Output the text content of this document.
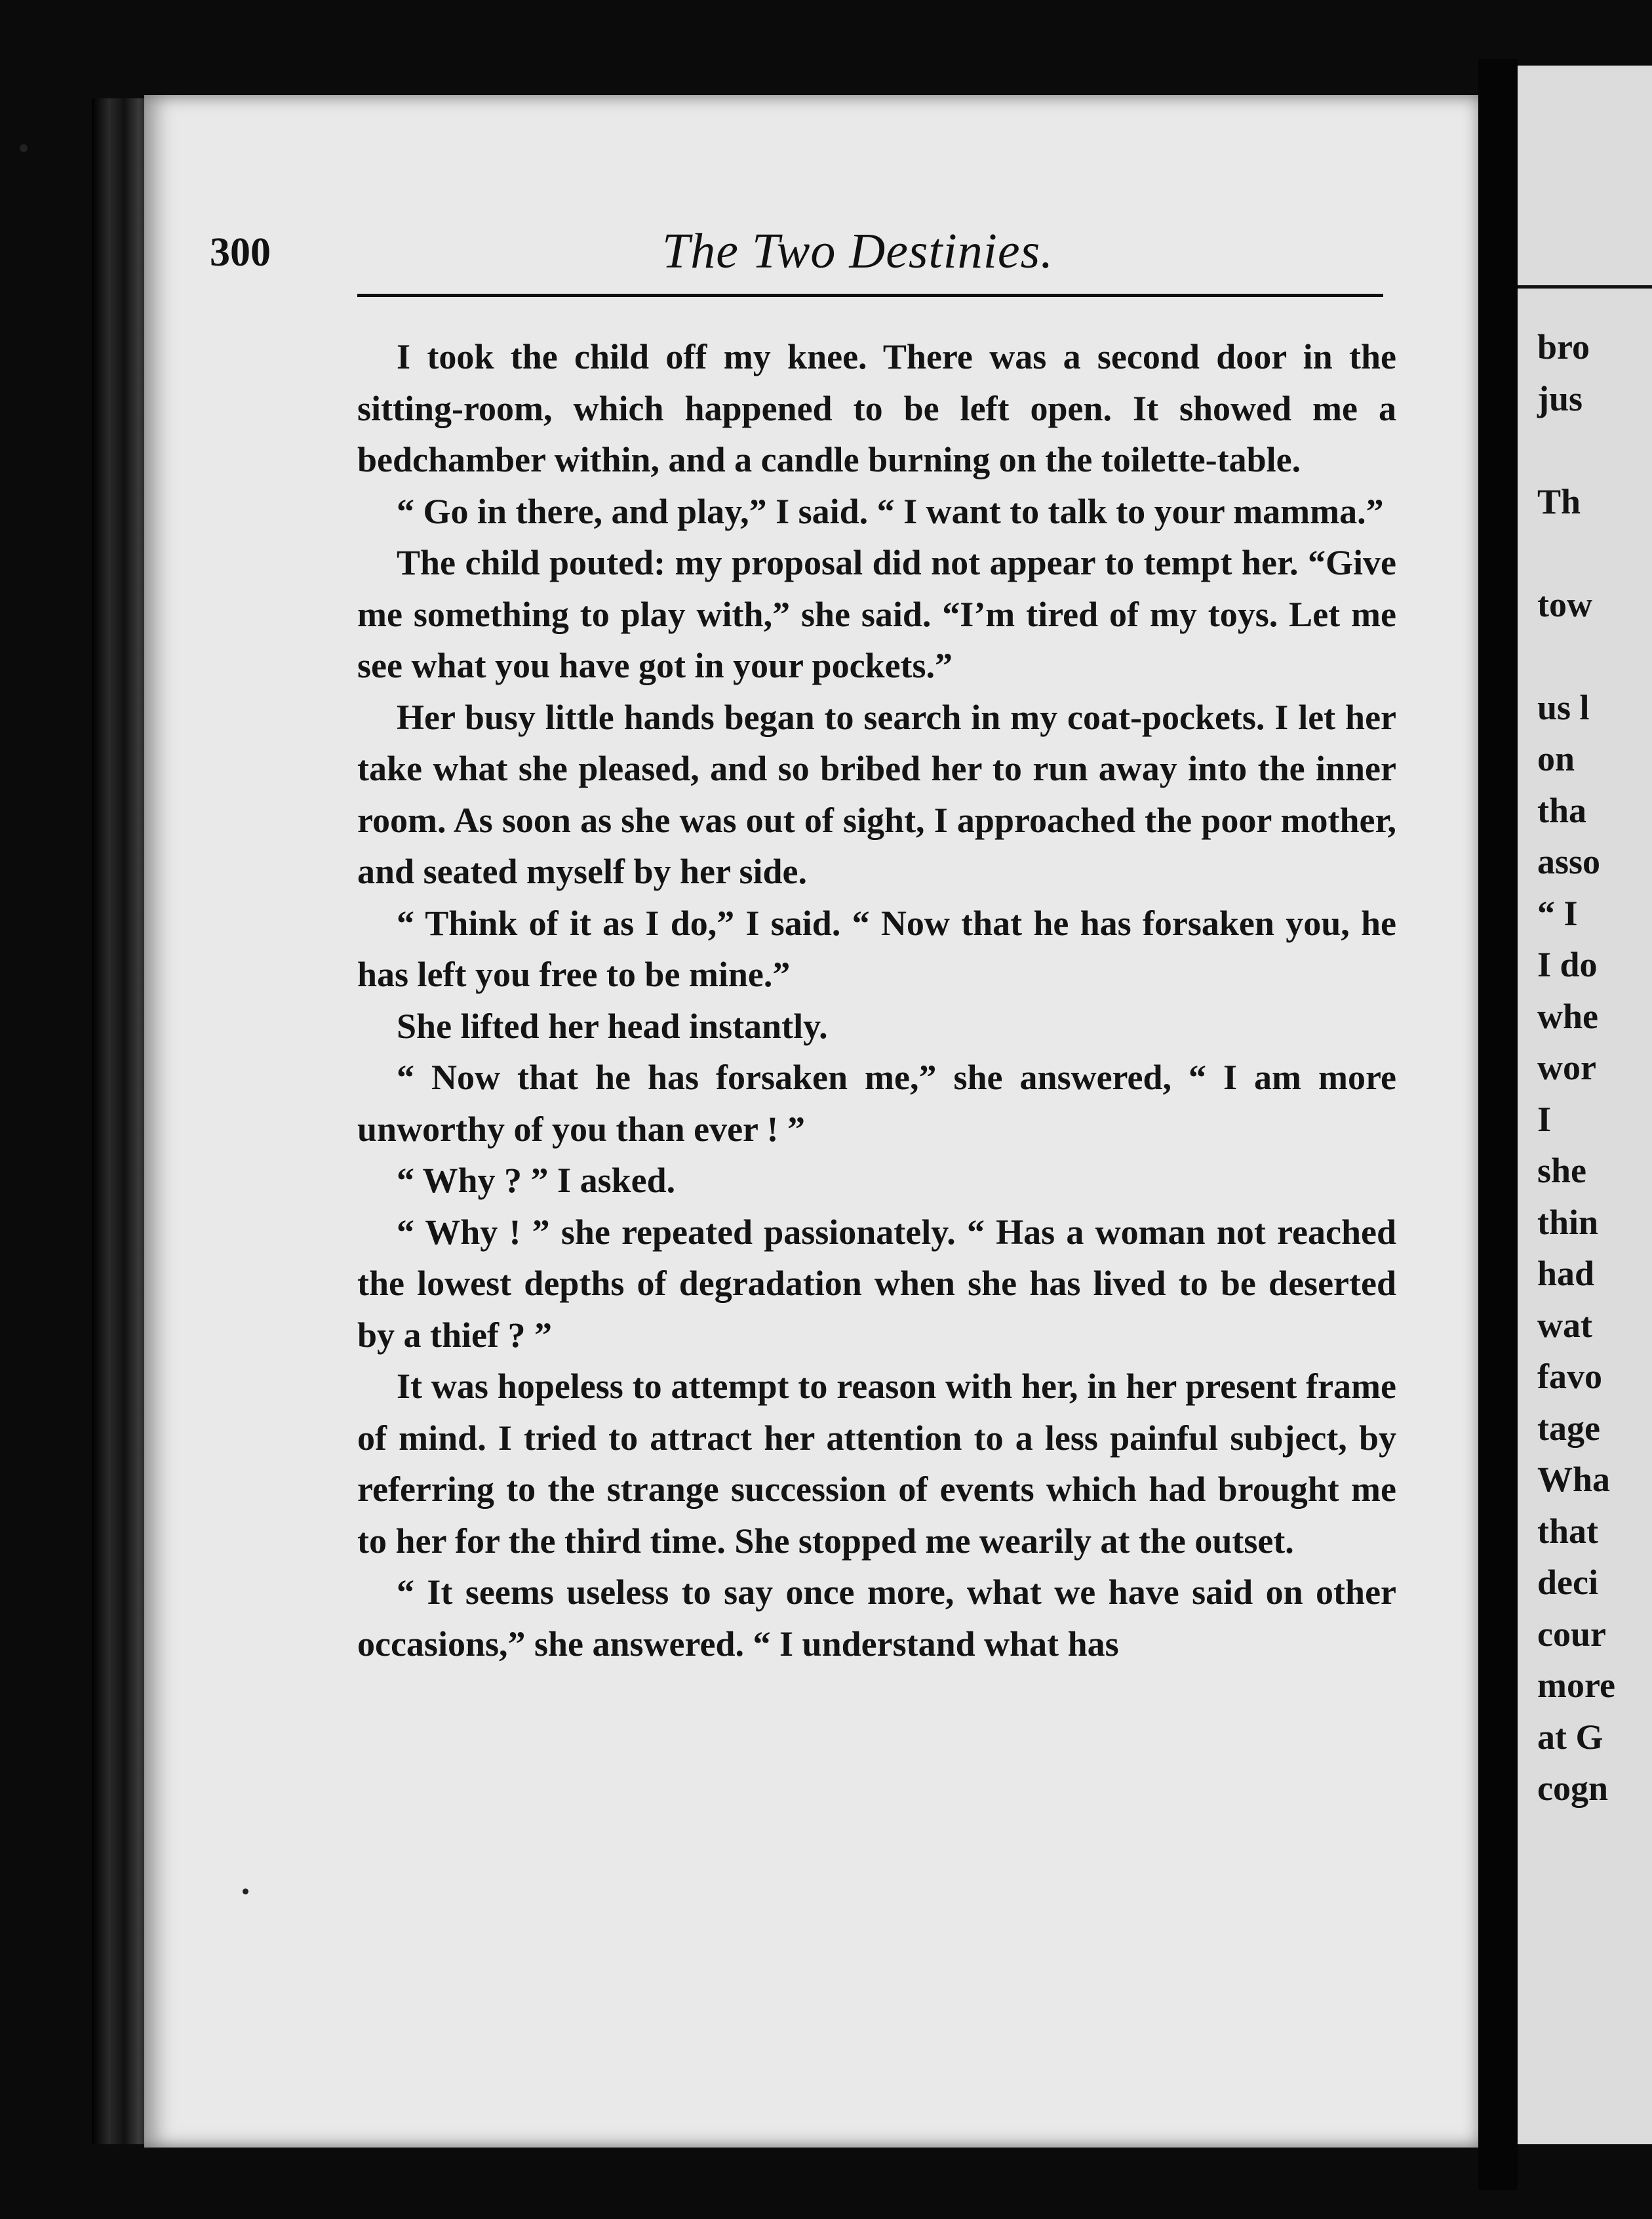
300	The Two Destinies.

I took the child off my knee. There was a second door in the sitting-room, which happened to be left open. It showed me a bedchamber within, and a candle burning on the toilette-table.

“ Go in there, and play,” I said. “ I want to talk to your mamma.”

The child pouted: my proposal did not appear to tempt her. “Give me something to play with,” she said. “I’m tired of my toys. Let me see what you have got in your pockets.”

Her busy little hands began to search in my coat-pockets. I let her take what she pleased, and so bribed her to run away into the inner room. As soon as she was out of sight, I approached the poor mother, and seated myself by her side.

“ Think of it as I do,” I said. “ Now that he has forsaken you, he has left you free to be mine.”

She lifted her head instantly.

“ Now that he has forsaken me,” she answered, “ I am more unworthy of you than ever ! ”

“ Why ? ” I asked.

“ Why ! ” she repeated passionately. “ Has a woman not reached the lowest depths of degradation when she has lived to be deserted by a thief ? ”

It was hopeless to attempt to reason with her, in her present frame of mind. I tried to attract her attention to a less painful subject, by referring to the strange succession of events which had brought me to her for the third time. She stopped me wearily at the outset.

“ It seems useless to say once more, what we have said on other occasions,” she answered. “ I understand what has

bro
jus
Th
tow
us l
on
tha
asso
“ I
I do
whe
wor
I
she
thin
had
wat
favo
tage
Wha
that
deci
cour
more
at G
cogn
